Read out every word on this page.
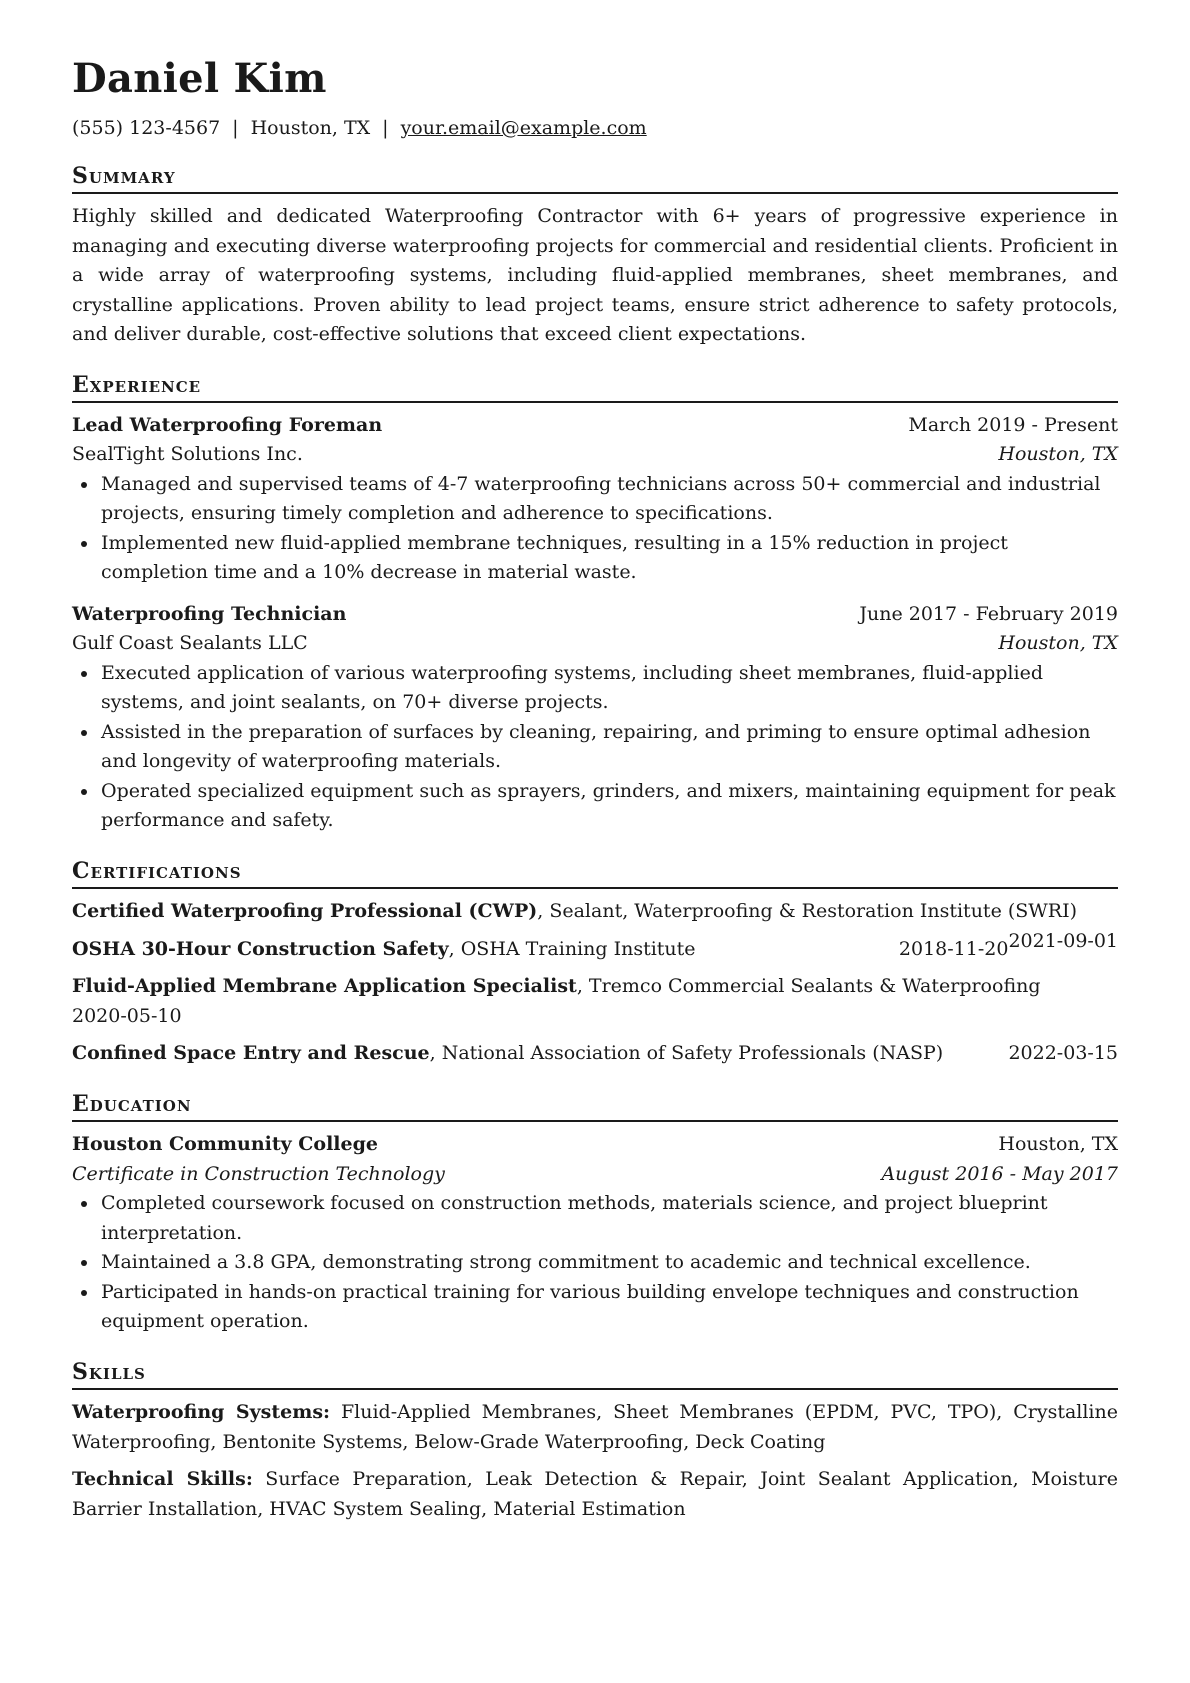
Daniel Kim
(555) 123-4567 | Houston, TX | your.email@example.com
Summary
Highly skilled and dedicated Waterproofing Contractor with 6+ years of progressive experience in managing and executing diverse waterproofing projects for commercial and residential clients. Proficient in a wide array of waterproofing systems, including fluid-applied membranes, sheet membranes, and crystalline applications. Proven ability to lead project teams, ensure strict adherence to safety protocols, and deliver durable, cost-effective solutions that exceed client expectations.
Experience
Lead Waterproofing Foreman	March 2019 - Present
SealTight Solutions Inc.	Houston, TX
• Managed and supervised teams of 4-7 waterproofing technicians across 50+ commercial and industrial projects, ensuring timely completion and adherence to specifications.
• Implemented new fluid-applied membrane techniques, resulting in a 15% reduction in project completion time and a 10% decrease in material waste.
Waterproofing Technician	June 2017 - February 2019
Gulf Coast Sealants LLC	Houston, TX
• Executed application of various waterproofing systems, including sheet membranes, fluid-applied systems, and joint sealants, on 70+ diverse projects.
• Assisted in the preparation of surfaces by cleaning, repairing, and priming to ensure optimal adhesion and longevity of waterproofing materials.
• Operated specialized equipment such as sprayers, grinders, and mixers, maintaining equipment for peak performance and safety.
Certifications
Certified Waterproofing Professional (CWP), Sealant, Waterproofing & Restoration Institute (SWRI)
2021-09-01
OSHA 30-Hour Construction Safety, OSHA Training Institute	2018-11-20
Fluid-Applied Membrane Application Specialist, Tremco Commercial Sealants & Waterproofing
2020-05-10
Confined Space Entry and Rescue, National Association of Safety Professionals (NASP)	2022-03-15
Education
Houston Community College	Houston, TX
Certificate in Construction Technology	August 2016 - May 2017
• Completed coursework focused on construction methods, materials science, and project blueprint interpretation.
• Maintained a 3.8 GPA, demonstrating strong commitment to academic and technical excellence.
• Participated in hands-on practical training for various building envelope techniques and construction equipment operation.
Skills
Waterproofing Systems: Fluid-Applied Membranes, Sheet Membranes (EPDM, PVC, TPO), Crystalline Waterproofing, Bentonite Systems, Below-Grade Waterproofing, Deck Coating
Technical Skills: Surface Preparation, Leak Detection & Repair, Joint Sealant Application, Moisture Barrier Installation, HVAC System Sealing, Material Estimation
